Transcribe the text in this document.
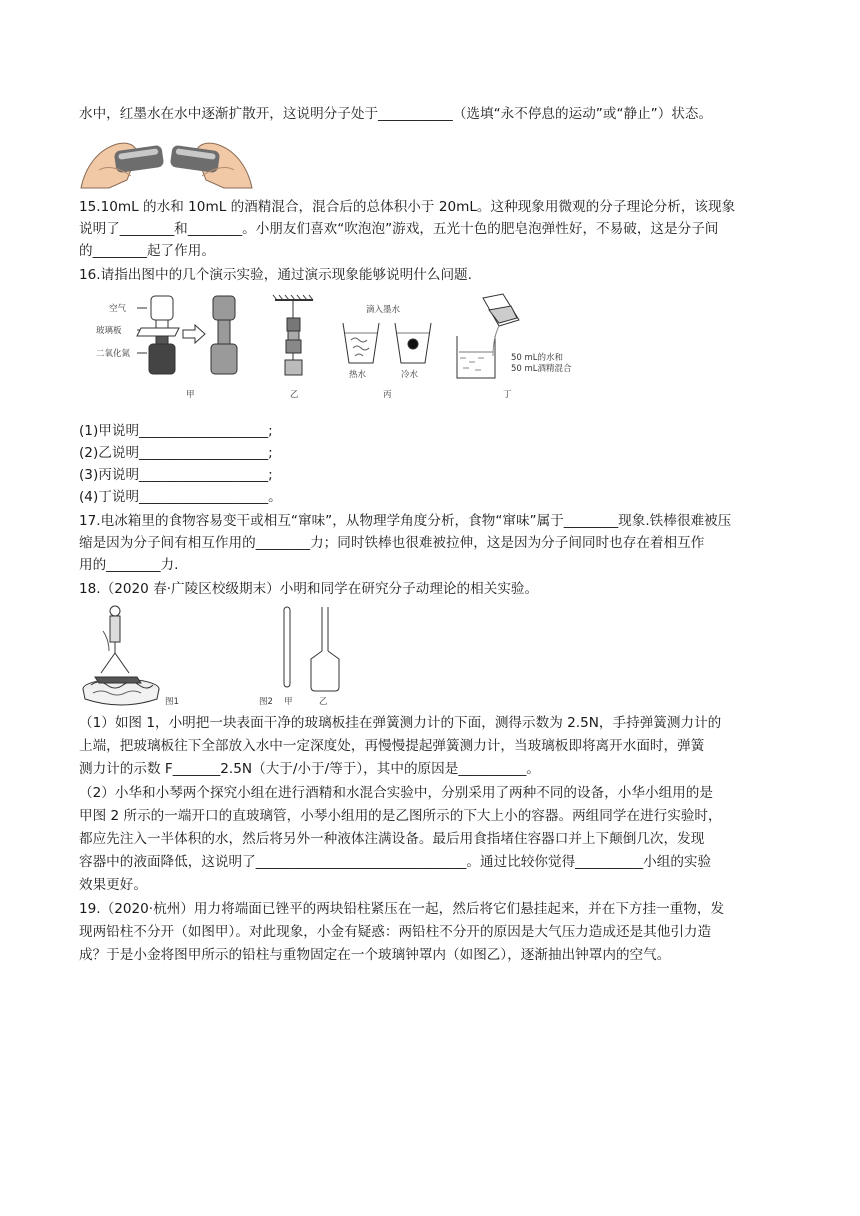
水中，红墨水在水中逐渐扩散开，这说明分子处于___________（选填“永不停息的运动”或“静止”）状态。
15.10mL 的水和 10mL 的酒精混合，混合后的总体积小于 20mL。这种现象用微观的分子理论分析，该现象
说明了________和________。小朋友们喜欢“吹泡泡”游戏，五光十色的肥皂泡弹性好，不易破，这是分子间
的________起了作用。
16.请指出图中的几个演示实验，通过演示现象能够说明什么问题.
空气
玻璃板
二氧化氮
甲	乙
滴入墨水
热水	冷水
丙
50 mL的水和
50 mL酒精混合
丁
(1)甲说明___________________;
(2)乙说明___________________;
(3)丙说明___________________;
(4)丁说明___________________。
17.电冰箱里的食物容易变干或相互“窜味”，从物理学角度分析，食物“窜味”属于________现象.铁棒很难被压
缩是因为分子间有相互作用的________力；同时铁棒也很难被拉伸，这是因为分子间同时也存在着相互作
用的________力.
18.（2020 春·广陵区校级期末）小明和同学在研究分子动理论的相关实验。
图1	图2 甲	乙
（1）如图 1，小明把一块表面干净的玻璃板挂在弹簧测力计的下面，测得示数为 2.5N，手持弹簧测力计的
上端，把玻璃板往下全部放入水中一定深度处，再慢慢提起弹簧测力计，当玻璃板即将离开水面时，弹簧
测力计的示数 F_______2.5N（大于/小于/等于），其中的原因是__________。
（2）小华和小琴两个探究小组在进行酒精和水混合实验中，分别采用了两种不同的设备，小华小组用的是
甲图 2 所示的一端开口的直玻璃管，小琴小组用的是乙图所示的下大上小的容器。两组同学在进行实验时，
都应先注入一半体积的水，然后将另外一种液体注满设备。最后用食指堵住容器口并上下颠倒几次，发现
容器中的液面降低，这说明了_______________________________。通过比较你觉得__________小组的实验
效果更好。
19.（2020·杭州）用力将端面已锉平的两块铅柱紧压在一起，然后将它们悬挂起来，并在下方挂一重物，发
现两铅柱不分开（如图甲）。对此现象，小金有疑惑：两铅柱不分开的原因是大气压力造成还是其他引力造
成？于是小金将图甲所示的铅柱与重物固定在一个玻璃钟罩内（如图乙），逐渐抽出钟罩内的空气。
